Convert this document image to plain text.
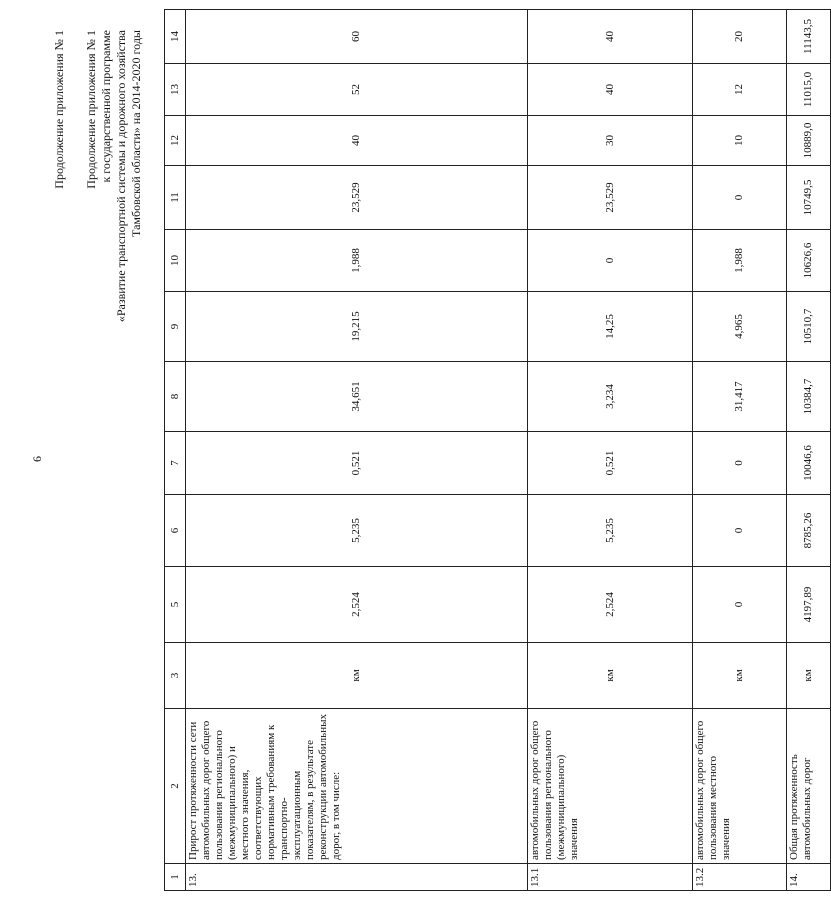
6
Продолжение приложения № 1 Продолжение приложения № 1 к государственной программе «Развитие транспортной системы и дорожного хозяйства Тамбовской области» на 2014-2020 годы
1	2	3	5	6	7	8	9	10	11	12	13	14
13.	Прирост протяженности сети автомобильных дорог общего пользования регионального (межмуниципального) и местного значения, соответствующих нормативным требованиям к транспортно-эксплуатационным показателям, в результате реконструкции автомобильных дорог, в том числе:	км	2,524	5,235	0,521	34,651	19,215	1,988	23,529	40	52	60
13.1	автомобильных дорог общего пользования регионального (межмуниципального) значения	км	2,524	5,235	0,521	3,234	14,25	0	23,529	30	40	40
13.2	автомобильных дорог общего пользования местного значения	км	0	0	0	31,417	4,965	1,988	0	10	12	20
14.	Общая протяженность автомобильных дорог	км	4197,89	8785,26	10046,6	10384,7	10510,7	10626,6	10749,5	10889,0	11015,0	11143,5
